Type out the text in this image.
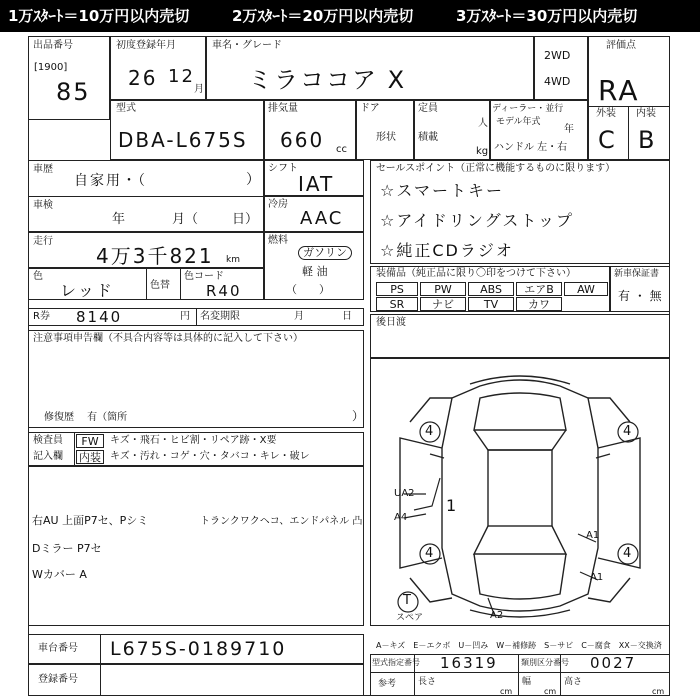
1万ｽﾀｰﾄ＝10万円以内売切	2万ｽﾀｰﾄ＝20万円以内売切	3万ｽﾀｰﾄ＝30万円以内売切
出品番号
[1900]
85
初度登録年月
26 12
月
車名・グレード
ミラココア X
2WD
4WD
評価点
RA
外装 内装
C B
型式
DBA-L675S
排気量
660 cc
ドア
形状
定員
人
積載
kg
ディーラー・並行
モデル年式
年
ハンドル 左・右
車歴
自家用・（	）
車検
年	月（	日）
走行
4万3千821 km
シフト
IAT
冷房
AAC
燃料
ガソリン
軽 油
（　　）
色
レッド	色替
色コード
R40
R券 8140	円 名変期限	月	日
注意事項申告欄（不具合内容等は具体的に記入して下さい）
修復歴　 有（箇所	）
セールスポイント（正常に機能するものに限ります）
☆スマートキー
☆アイドリングストップ
☆純正CDラジオ
装備品（純正品に限り〇印をつけて下さい）
PS	PW	ABS	エアB	AW
SR	ナビ	TV	カワ
新車保証書
有 ・ 無
後日渡
検査員
記入欄
FW	キズ・飛石・ヒビ割・リペア跡・X要
内装 キズ・汚れ・コゲ・穴・タバコ・キレ・破レ
右AU 上面P7セ、Pシミ	トランクワクヘコ、エンドパネル 凸
Dミラー P7セ
Wカバー A
UA2
A4
1
A1
A1
A2
4	4
4	4
T
スペア
車台番号 L675S-0189710
登録番号
A－キズ　E－エクボ　U－凹み　W－補修跡　S－サビ　C－腐食　XX－交換済
型式指定番号 16319	類別区分番号 0027
参考 長さ
cm
幅
cm
高さ
cm
